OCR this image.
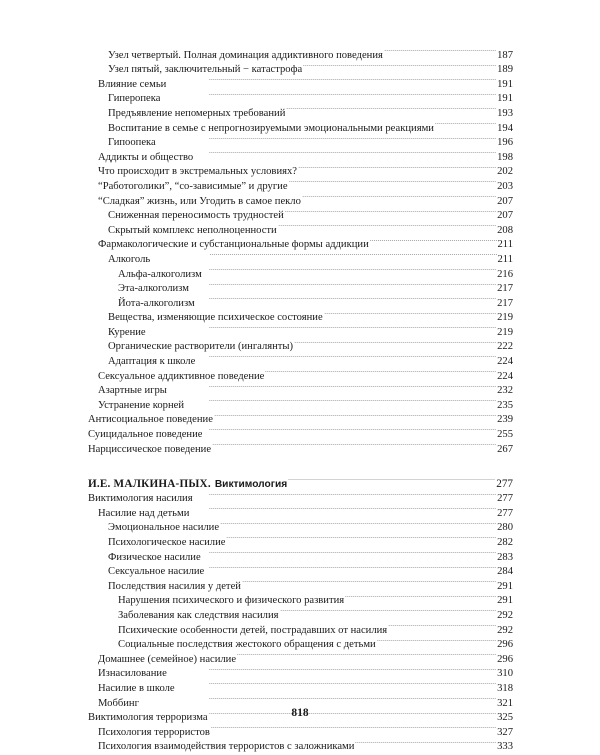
Узел четвертый. Полная доминация аддиктивного поведения . . .	187
Узел пятый, заключительный − катастрофа . . .	189
Влияние семьи . . .	191
Гиперопека . . .	191
Предъявление непомерных требований . . .	193
Воспитание в семье с непрогнозируемыми эмоциональными реакциями . . .	194
Гипоопека . . .	196
Аддикты и общество . . .	198
Что происходит в экстремальных условиях? . . .	202
“Работоголики”, “со-зависимые” и другие . . .	203
“Сладкая” жизнь, или Угодить в самое пекло . . .	207
Сниженная переносимость трудностей . . .	207
Скрытый комплекс неполноценности . . .	208
Фармакологические и субстанциональные формы аддикции . . .	211
Алкоголь . . .	211
Альфа-алкоголизм . . .	216
Эта-алкоголизм . . .	217
Йота-алкоголизм . . .	217
Вещества, изменяющие психическое состояние . . .	219
Курение . . .	219
Органические растворители (ингалянты) . . .	222
Адаптация к школе . . .	224
Сексуальное аддиктивное поведение . . .	224
Азартные игры . . .	232
Устранение корней . . .	235
Антисоциальное поведение . . .	239
Суицидальное поведение . . .	255
Нарциссическое поведение . . .	267
И.Е. МАЛКИНА-ПЫХ. Виктимология . . .	277
Виктимология насилия . . .	277
Насилие над детьми . . .	277
Эмоциональное насилие . . .	280
Психологическое насилие . . .	282
Физическое насилие . . .	283
Сексуальное насилие . . .	284
Последствия насилия у детей . . .	291
Нарушения психического и физического развития . . .	291
Заболевания как следствия насилия . . .	292
Психические особенности детей, пострадавших от насилия . . .	292
Социальные последствия жестокого обращения с детьми . . .	296
Домашнее (семейное) насилие . . .	296
Изнасилование . . .	310
Насилие в школе . . .	318
Моббинг . . .	321
Виктимология терроризма . . .	325
Психология террористов . . .	327
Психология взаимодействия террористов с заложниками . . .	333
818
